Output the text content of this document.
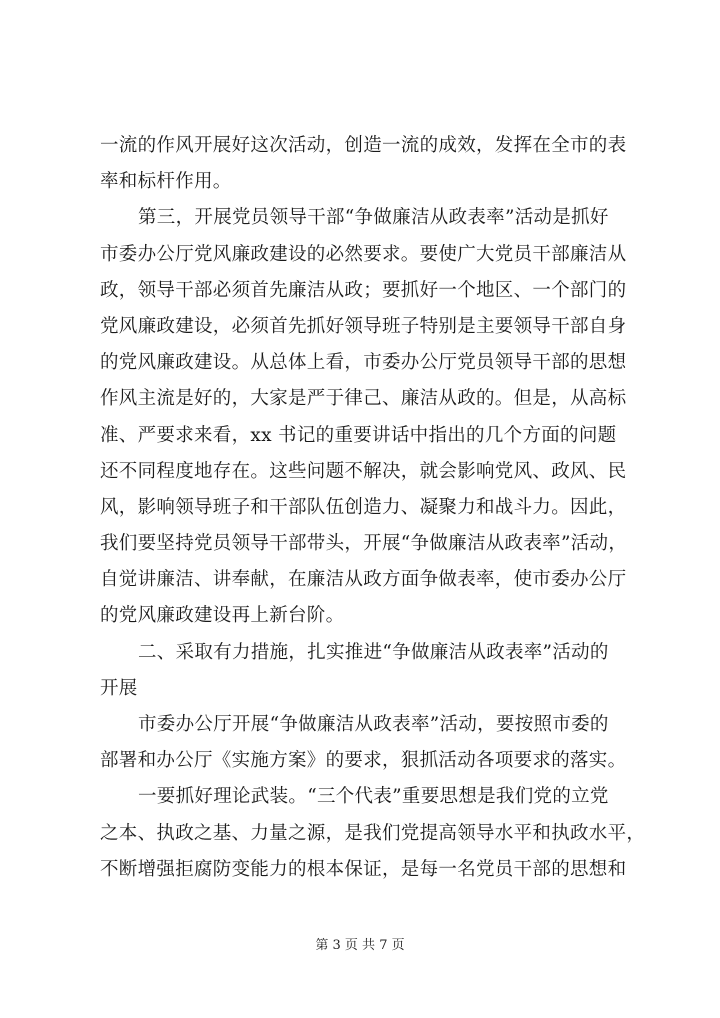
一流的作风开展好这次活动，创造一流的成效，发挥在全市的表
率和标杆作用。
第三，开展党员领导干部“争做廉洁从政表率”活动是抓好
市委办公厅党风廉政建设的必然要求。要使广大党员干部廉洁从
政，领导干部必须首先廉洁从政；要抓好一个地区、一个部门的
党风廉政建设，必须首先抓好领导班子特别是主要领导干部自身
的党风廉政建设。从总体上看，市委办公厅党员领导干部的思想
作风主流是好的，大家是严于律己、廉洁从政的。但是，从高标
准、严要求来看，xx 书记的重要讲话中指出的几个方面的问题
还不同程度地存在。这些问题不解决，就会影响党风、政风、民
风，影响领导班子和干部队伍创造力、凝聚力和战斗力。因此，
我们要坚持党员领导干部带头，开展“争做廉洁从政表率”活动，
自觉讲廉洁、讲奉献，在廉洁从政方面争做表率，使市委办公厅
的党风廉政建设再上新台阶。
二、采取有力措施，扎实推进“争做廉洁从政表率”活动的
开展
市委办公厅开展“争做廉洁从政表率”活动，要按照市委的
部署和办公厅《实施方案》的要求，狠抓活动各项要求的落实。
一要抓好理论武装。“三个代表”重要思想是我们党的立党
之本、执政之基、力量之源，是我们党提高领导水平和执政水平，
不断增强拒腐防变能力的根本保证，是每一名党员干部的思想和
第 3 页 共 7 页
